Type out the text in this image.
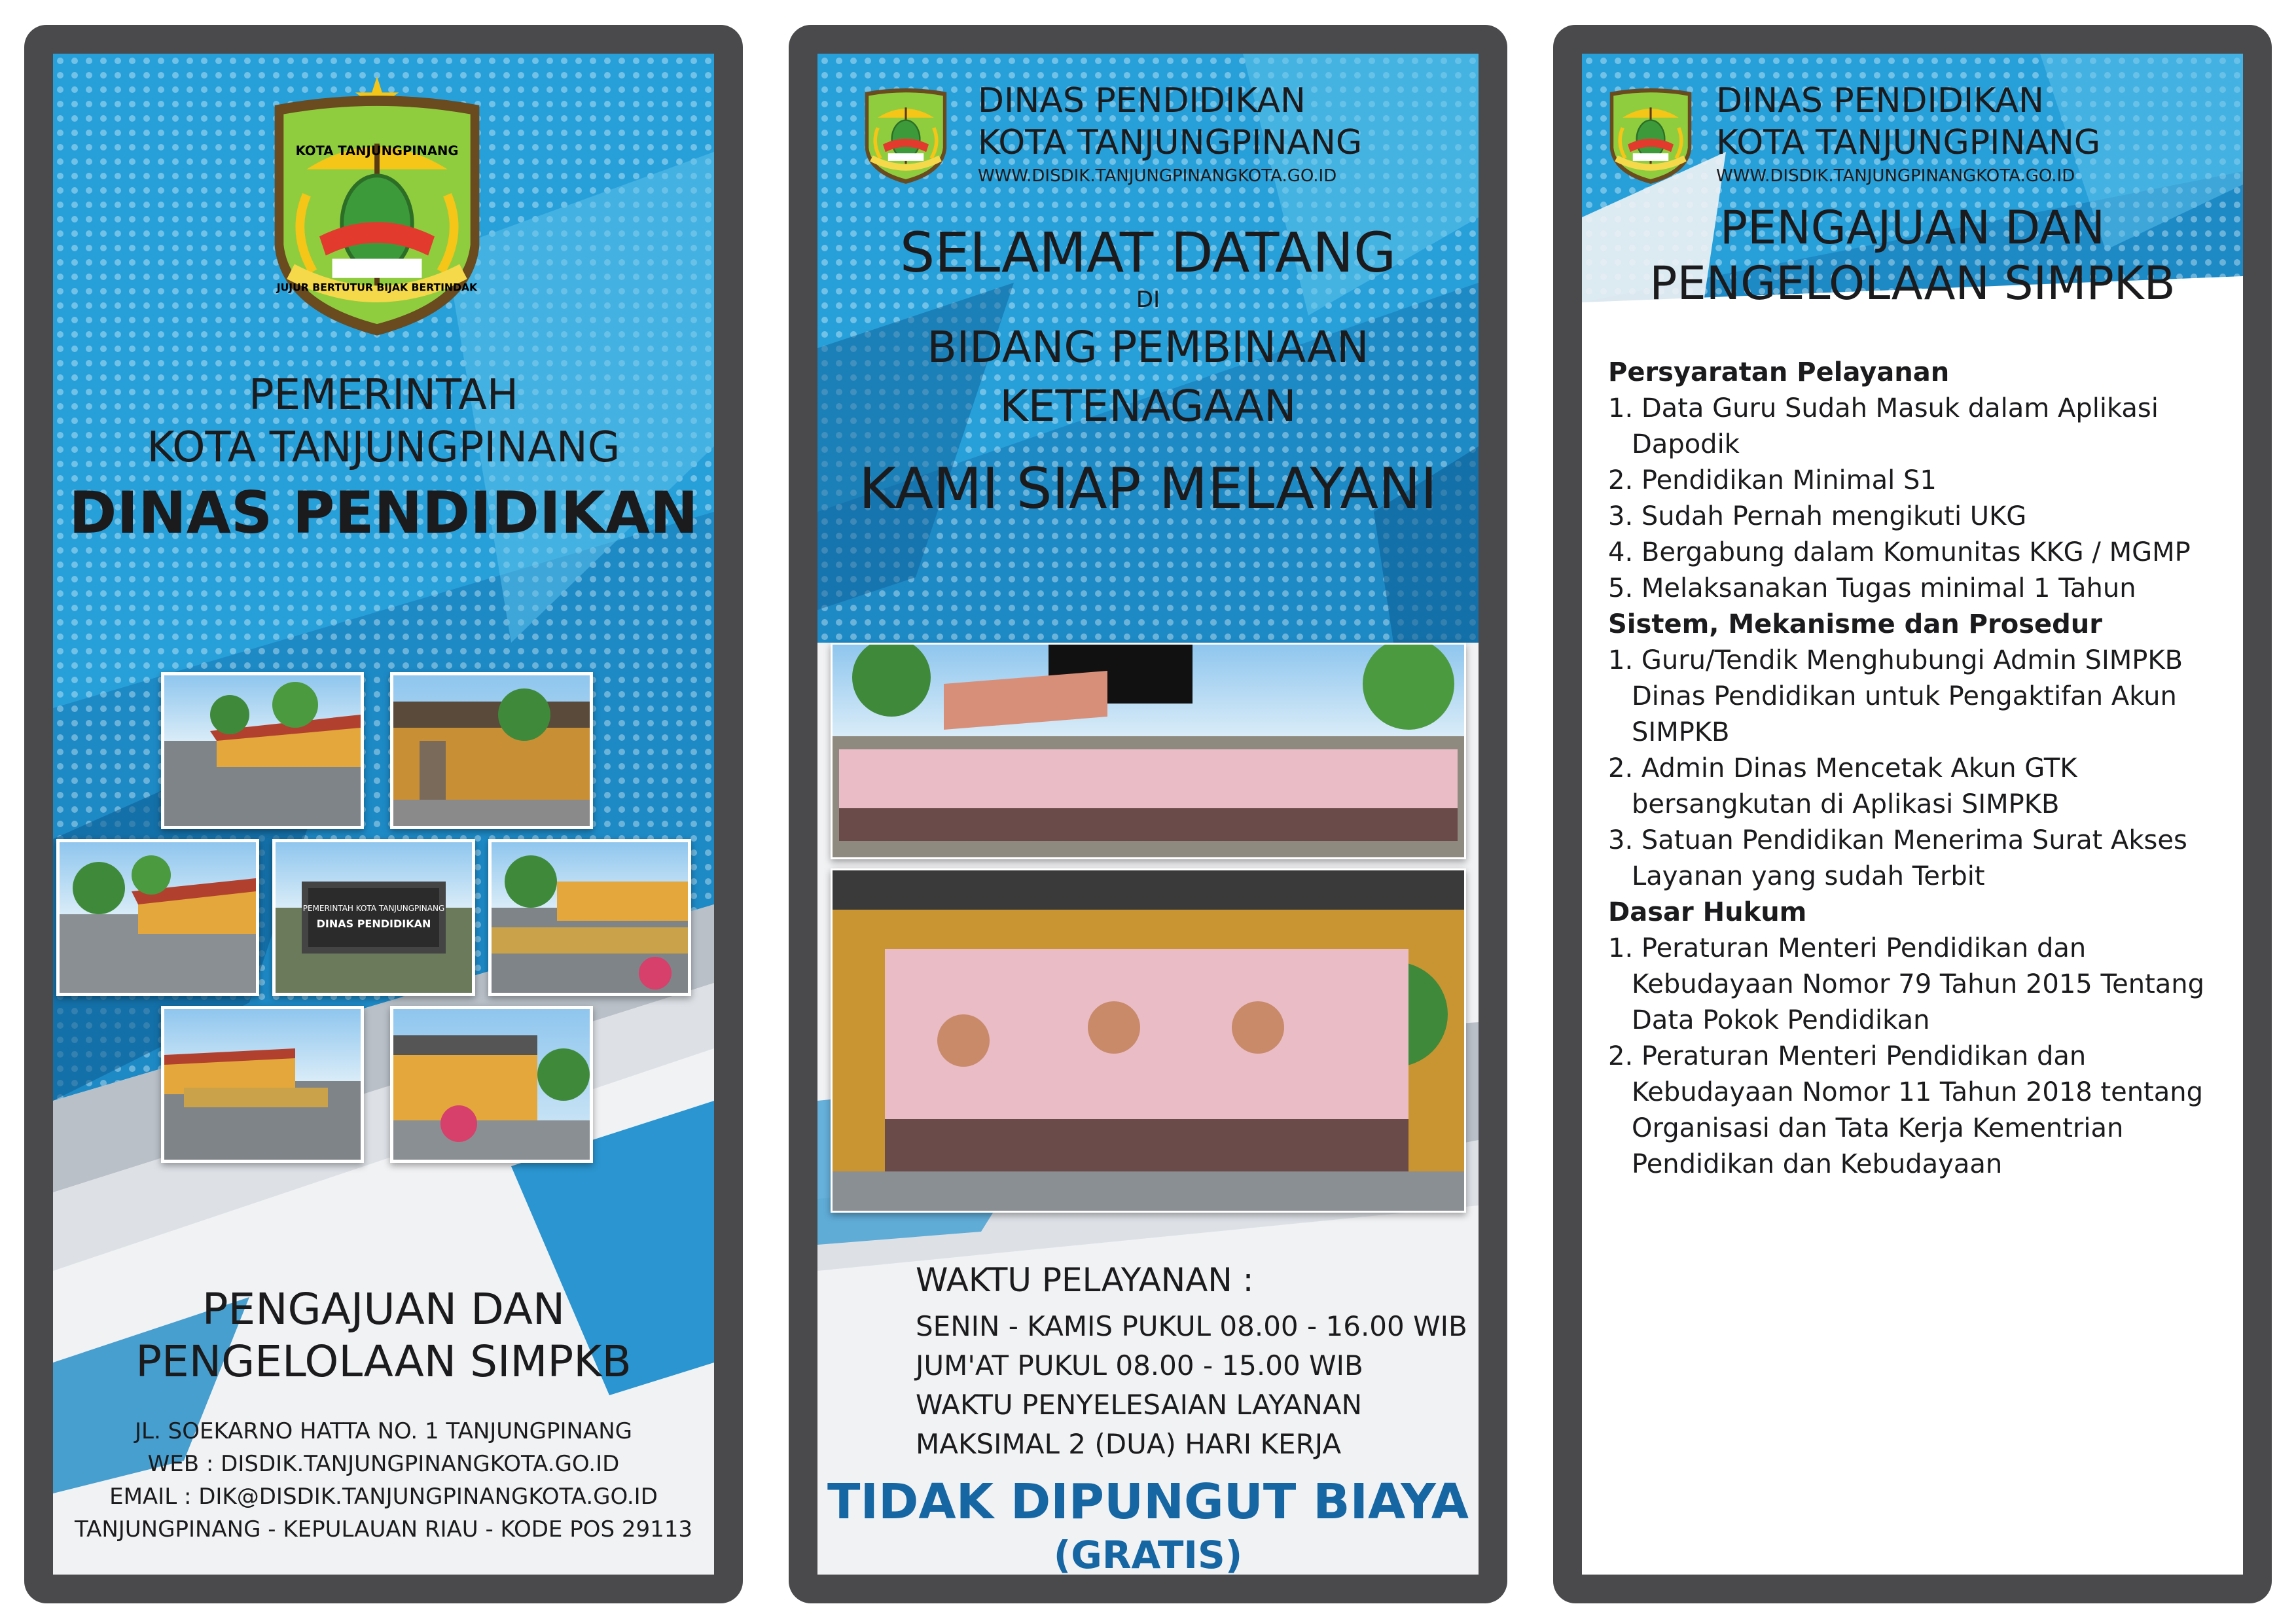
KOTA TANJUNGPINANG
JUJUR BERTUTUR BIJAK BERTINDAK
PEMERINTAH
KOTA TANJUNGPINANG
DINAS PENDIDIKAN
PEMERINTAH KOTA TANJUNGPINANG
DINAS PENDIDIKAN
PENGAJUAN DAN
PENGELOLAAN SIMPKB
JL. SOEKARNO HATTA NO. 1 TANJUNGPINANG
WEB : DISDIK.TANJUNGPINANGKOTA.GO.ID
EMAIL : DIK@DISDIK.TANJUNGPINANGKOTA.GO.ID
TANJUNGPINANG - KEPULAUAN RIAU - KODE POS 29113
DINAS PENDIDIKAN
KOTA TANJUNGPINANG
WWW.DISDIK.TANJUNGPINANGKOTA.GO.ID
SELAMAT DATANG
DI
BIDANG PEMBINAAN
KETENAGAAN
KAMI SIAP MELAYANI
WAKTU PELAYANAN :
SENIN - KAMIS PUKUL 08.00 - 16.00 WIB
JUM'AT PUKUL 08.00 - 15.00 WIB
WAKTU PENYELESAIAN LAYANAN
MAKSIMAL 2 (DUA) HARI KERJA
TIDAK DIPUNGUT BIAYA
(GRATIS)
DINAS PENDIDIKAN
KOTA TANJUNGPINANG
WWW.DISDIK.TANJUNGPINANGKOTA.GO.ID
PENGAJUAN DAN
PENGELOLAAN SIMPKB
Persyaratan Pelayanan
1. Data Guru Sudah Masuk dalam Aplikasi Dapodik
2. Pendidikan Minimal S1
3. Sudah Pernah mengikuti UKG
4. Bergabung dalam Komunitas KKG / MGMP
5. Melaksanakan Tugas minimal 1 Tahun
Sistem, Mekanisme dan Prosedur
1. Guru/Tendik Menghubungi Admin SIMPKB Dinas Pendidikan untuk Pengaktifan Akun SIMPKB
2. Admin Dinas Mencetak Akun GTK bersangkutan di Aplikasi SIMPKB
3. Satuan Pendidikan Menerima Surat Akses Layanan yang sudah Terbit
Dasar Hukum
1. Peraturan Menteri Pendidikan dan Kebudayaan Nomor 79 Tahun 2015 Tentang Data Pokok Pendidikan
2. Peraturan Menteri Pendidikan dan Kebudayaan Nomor 11 Tahun 2018 tentang Organisasi dan Tata Kerja Kementrian Pendidikan dan Kebudayaan
